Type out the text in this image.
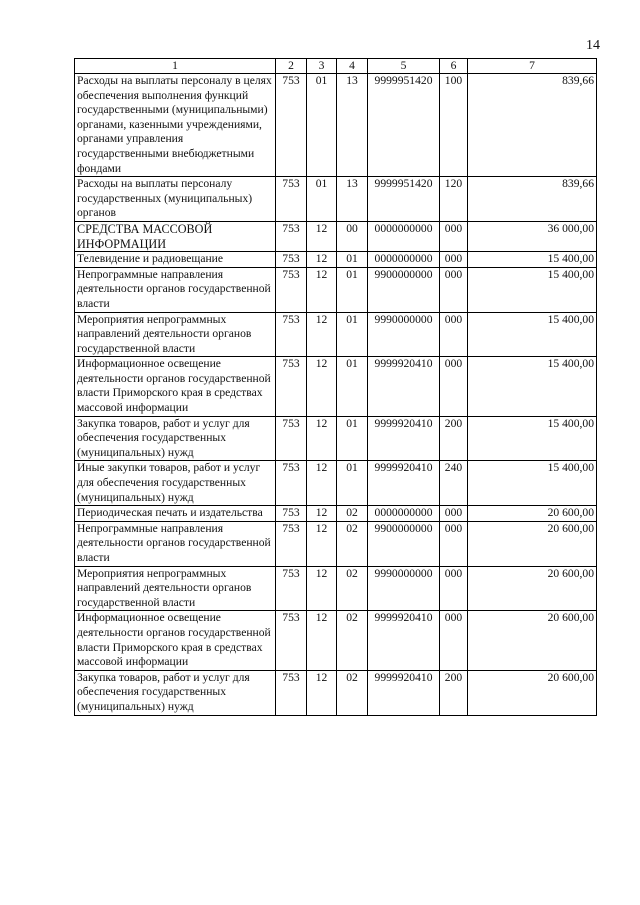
14
1	2	3	4	5	6	7
Расходы на выплаты персоналу в целях обеспечения выполнения функций государственными (муниципальными) органами, казенными учреждениями, органами управления государственными внебюджетными фондами	753	01	13	9999951420	100	839,66
Расходы на выплаты персоналу государственных (муниципальных) органов	753	01	13	9999951420	120	839,66
СРЕДСТВА МАССОВОЙ ИНФОРМАЦИИ	753	12	00	0000000000	000	36 000,00
Телевидение и радиовещание	753	12	01	0000000000	000	15 400,00
Непрограммные направления деятельности органов государственной власти	753	12	01	9900000000	000	15 400,00
Мероприятия непрограммных направлений деятельности органов государственной власти	753	12	01	9990000000	000	15 400,00
Информационное освещение деятельности органов государственной власти Приморского края в средствах массовой информации	753	12	01	9999920410	000	15 400,00
Закупка товаров, работ и услуг для обеспечения государственных (муниципальных) нужд	753	12	01	9999920410	200	15 400,00
Иные закупки товаров, работ и услуг для обеспечения государственных (муниципальных) нужд	753	12	01	9999920410	240	15 400,00
Периодическая печать и издательства	753	12	02	0000000000	000	20 600,00
Непрограммные направления деятельности органов государственной власти	753	12	02	9900000000	000	20 600,00
Мероприятия непрограммных направлений деятельности органов государственной власти	753	12	02	9990000000	000	20 600,00
Информационное освещение деятельности органов государственной власти Приморского края в средствах массовой информации	753	12	02	9999920410	000	20 600,00
Закупка товаров, работ и услуг для обеспечения государственных (муниципальных) нужд	753	12	02	9999920410	200	20 600,00
